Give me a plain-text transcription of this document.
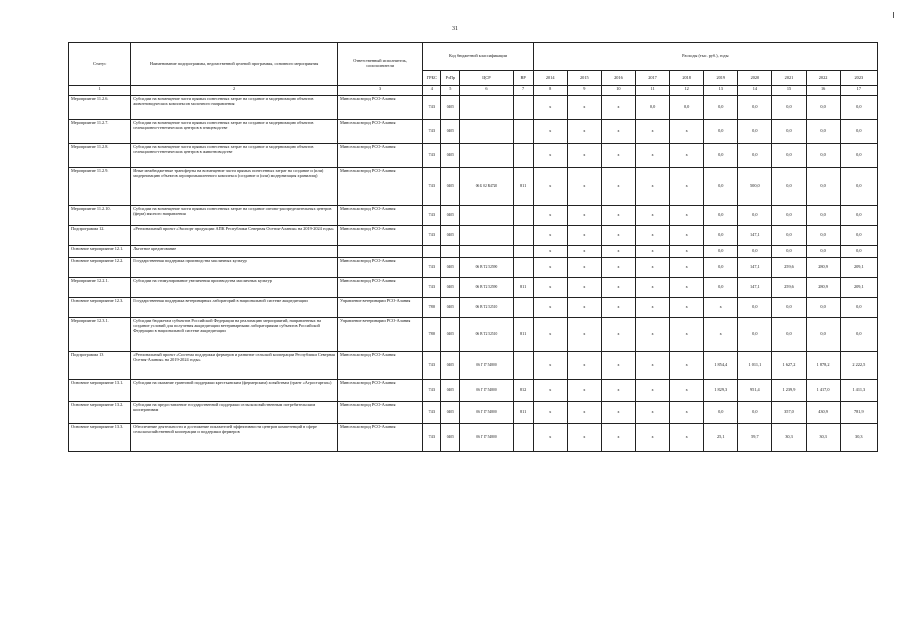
31
Статус	Наименование подпрограммы, ведомственной целевой программы, основного мероприятия	Ответственный исполнитель, соисполнители	Код бюджетной классификации				Расходы (тыс. руб.), годы									
			ГРБС	РзПр	ЦСР	ВР	2014	2015	2016	2017	2018	2019	2020	2021	2022	2023
1	2	3	4	5	6	7	8	9	10	11	12	13	14	15	16	17
Мероприятие 11.2.6.	Субсидии на возмещение части прямых понесенных затрат на создание и модернизацию объектов животноводческих комплексов молочного направления	Минсельхозпрод РСО-Алания	743	0405			x	x	x	0,0	0,0	0,0	0,0	0,0	0,0	0,0
Мероприятие 11.2.7.	Субсидии на возмещение части прямых понесенных затрат на создание и модернизацию объектов селекционно-генетических центров в птицеводстве	Минсельхозпрод РСО-Алания	743	0405			x	x	x	x	x	0,0	0,0	0,0	0,0	0,0
Мероприятие 11.2.8.	Субсидии на возмещение части прямых понесенных затрат на создание и модернизацию объектов селекционно-генетических центров в животноводстве	Минсельхозпрод РСО-Алания	743	0405			x	x	x	x	x	0,0	0,0	0,0	0,0	0,0
Мероприятие 11.2.9.	Иные межбюджетные трансферты на возмещение части прямых понесенных затрат на создание и (или) модернизацию объектов агропромышленного комплекса (создание и (или) модернизация хранилищ)	Минсельхозпрод РСО-Алания	743	0405	06 Б 02 R4720	811	x	x	x	x	x	0,0	500,0	0,0	0,0	0,0
Мероприятие 11.2.10.	Субсидии на возмещение части прямых понесенных затрат на создание оптово-распределительных центров (ферм) мясного направления	Минсельхозпрод РСО-Алания	743	0405			x	x	x	x	x	0,0	0,0	0,0	0,0	0,0
Подпрограмма 12.	«Региональный проект «Экспорт продукции АПК Республики Северная Осетия-Алания» на 2019-2024 годы»	Минсельхозпрод РСО-Алания	743	0405			x	x	x	x	x	0,0	147,1	0,0	0,0	0,0
Основное мероприятие 12.1.	Льготное кредитование						x	x	x	x	x	0,0	0,0	0,0	0,0	0,0
Основное мероприятие 12.2.	Государственная поддержка производства масличных культур	Минсельхозпрод РСО-Алания	743	0405	06 В Т2 52590		x	x	x	x	x	0,0	147,1	259,6	280,9	209,1
Мероприятие 12.2.1.	Субсидии на стимулирование увеличения производства масличных культур	Минсельхозпрод РСО-Алания	743	0405	06 В Т2 52590	811	x	x	x	x	x	0,0	147,1	259,6	280,9	209,1
Основное мероприятие 12.3.	Государственная поддержка ветеринарных лабораторий в национальной системе аккредитации	Управление ветеринарии РСО-Алания	780	0405	06 В Т2 52510		x	x	x	x	x	x	0,0	0,0	0,0	0,0
Мероприятие 12.3.1.	Субсидии бюджетам субъектов Российской Федерации на реализацию мероприятий, направленных на создание условий для получения аккредитации ветеринарными лабораториями субъектов Российской Федерации в национальной системе аккредитации	Управление ветеринарии РСО-Алания	780	0405	06 В Т2 52510	811	x	x	x	x	x	x	0,0	0,0	0,0	0,0
Подпрограмма 13	«Региональный проект «Система поддержки фермеров и развитие сельской кооперации Республики Северная Осетия-Алания» на 2019-2024 годы»	Минсельхозпрод РСО-Алания	743	0405	06 Г I7 54800		x	x	x	x	x	1 854,4	1 011,1	1 627,2	1 878,2	2 222,5
Основное мероприятие 13.1.	Субсидии на оказание грантовой поддержки крестьянским (фермерским) хозяйствам (грант «Агростартап»)	Минсельхозпрод РСО-Алания	743	0405	06 Г I7 54800	812	x	x	x	x	x	1 829,3	951,4	1 239,9	1 417,0	1 411,3
Основное мероприятие 13.2.	Субсидии на предоставление государственной поддержки сельскохозяйственным потребительским кооперативам	Минсельхозпрод РСО-Алания	743	0405	06 Г I7 54800	811	x	x	x	x	x	0,0	0,0	357,0	430,9	781,9
Основное мероприятие 13.3.	Обеспечение деятельности и достижение показателей эффективности центров компетенций в сфере сельскохозяйственной кооперации и поддержки фермеров	Минсельхозпрод РСО-Алания	743	0405	06 Г I7 54800		x	x	x	x	x	25,1	59,7	30,3	30,3	30,3
